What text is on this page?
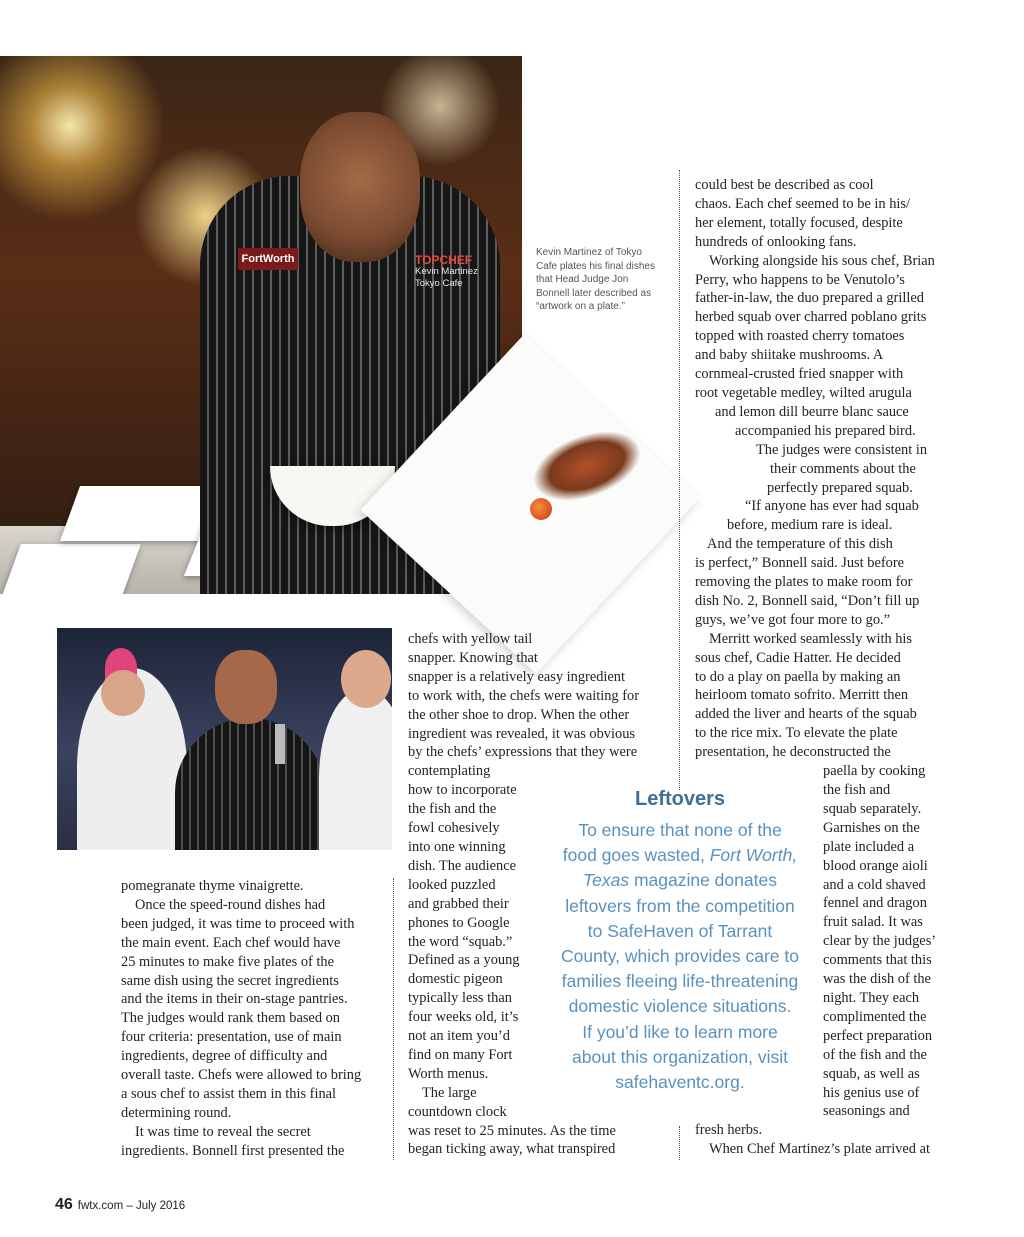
FortWorth	TOPCHEF
Kevin Martinez
Tokyo Cafe
Kevin Martinez of Tokyo Cafe plates his final dishes that Head Judge Jon Bonnell later described as “artwork on a plate.”
pomegranate thyme vinaigrette.
Once the speed-round dishes had
been judged, it was time to proceed with
the main event. Each chef would have
25 minutes to make five plates of the
same dish using the secret ingredients
and the items in their on-stage pantries.
The judges would rank them based on
four criteria: presentation, use of main
ingredients, degree of difficulty and
overall taste. Chefs were allowed to bring
a sous chef to assist them in this final
determining round.
It was time to reveal the secret
ingredients. Bonnell first presented the
chefs with yellow tail
snapper. Knowing that
snapper is a relatively easy ingredient
to work with, the chefs were waiting for
the other shoe to drop. When the other
ingredient was revealed, it was obvious
by the chefs’ expressions that they were
contemplating
how to incorporate
the fish and the
fowl cohesively
into one winning
dish. The audience
looked puzzled
and grabbed their
phones to Google
the word “squab.”
Defined as a young
domestic pigeon
typically less than
four weeks old, it’s
not an item you’d
find on many Fort
Worth menus.
The large
countdown clock
was reset to 25 minutes. As the time
began ticking away, what transpired
could best be described as cool
chaos. Each chef seemed to be in his/
her element, totally focused, despite
hundreds of onlooking fans.
Working alongside his sous chef, Brian
Perry, who happens to be Venutolo’s
father-in-law, the duo prepared a grilled
herbed squab over charred poblano grits
topped with roasted cherry tomatoes
and baby shiitake mushrooms. A
cornmeal-crusted fried snapper with
root vegetable medley, wilted arugula
and lemon dill beurre blanc sauce
accompanied his prepared bird.
The judges were consistent in
their comments about the
perfectly prepared squab.
“If anyone has ever had squab
before, medium rare is ideal.
And the temperature of this dish
is perfect,” Bonnell said. Just before
removing the plates to make room for
dish No. 2, Bonnell said, “Don’t fill up
guys, we’ve got four more to go.”
Merritt worked seamlessly with his
sous chef, Cadie Hatter. He decided
to do a play on paella by making an
heirloom tomato sofrito. Merritt then
added the liver and hearts of the squab
to the rice mix. To elevate the plate
presentation, he deconstructed the
paella by cooking
the fish and
squab separately.
Garnishes on the
plate included a
blood orange aioli
and a cold shaved
fennel and dragon
fruit salad. It was
clear by the judges’
comments that this
was the dish of the
night. They each
complimented the
perfect preparation
of the fish and the
squab, as well as
his genius use of
seasonings and
fresh herbs.
When Chef Martinez’s plate arrived at
Leftovers
To ensure that none of the
food goes wasted, Fort Worth,
Texas magazine donates
leftovers from the competition
to SafeHaven of Tarrant
County, which provides care to
families fleeing life-threatening
domestic violence situations.
If you’d like to learn more
about this organization, visit
safehaventc.org.
46 fwtx.com – July 2016
